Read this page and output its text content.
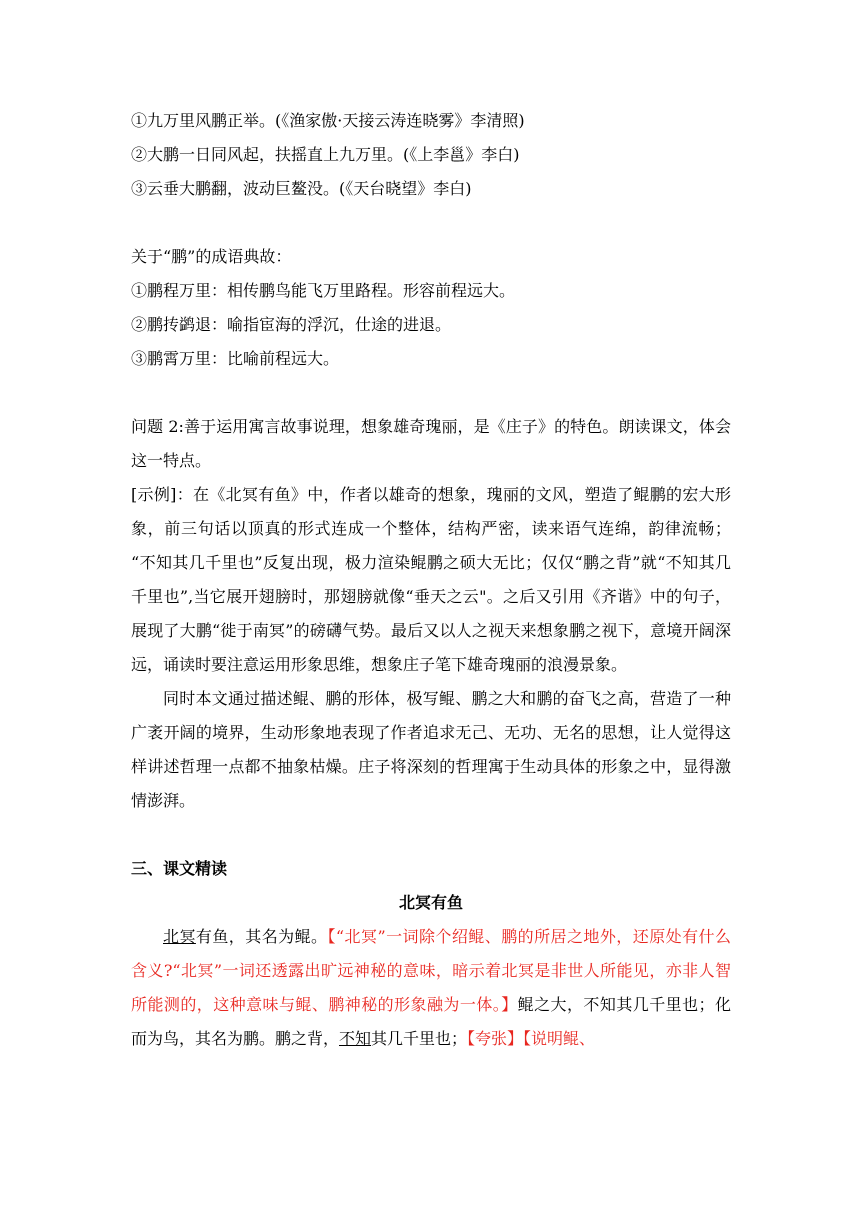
①九万里风鹏正举。(《渔家傲·天接云涛连晓雾》李清照)

②大鹏一日同风起，扶摇直上九万里。(《上李邕》李白)

③云垂大鹏翻，波动巨鳌没。(《天台晓望》李白)

关于“鹏”的成语典故：

①鹏程万里：相传鹏鸟能飞万里路程。形容前程远大。

②鹏抟鹢退：喻指宦海的浮沉，仕途的进退。

③鹏霄万里：比喻前程远大。

问题 2:善于运用寓言故事说理，想象雄奇瑰丽，是《庄子》的特色。朗读课文，体会这一特点。

[示例]：在《北冥有鱼》中，作者以雄奇的想象，瑰丽的文风，塑造了鲲鹏的宏大形象，前三句话以顶真的形式连成一个整体，结构严密，读来语气连绵，韵律流畅； “不知其几千里也”反复出现，极力渲染鲲鹏之硕大无比；仅仅“鹏之背”就“不知其几千里也”,当它展开翅膀时，那翅膀就像“垂天之云"。之后又引用《齐谐》中的句子，展现了大鹏“徙于南冥”的磅礴气势。最后又以人之视天来想象鹏之视下，意境开阔深远，诵读时要注意运用形象思维，想象庄子笔下雄奇瑰丽的浪漫景象。

同时本文通过描述鲲、鹏的形体，极写鲲、鹏之大和鹏的奋飞之高，营造了一种广袤开阔的境界，生动形象地表现了作者追求无己、无功、无名的思想，让人觉得这样讲述哲理一点都不抽象枯燥。庄子将深刻的哲理寓于生动具体的形象之中，显得激情澎湃。

三、课文精读

北冥有鱼

北冥有鱼，其名为鲲。【“北冥”一词除个绍鲲、鹏的所居之地外，还原处有什么含义?“北冥”一词还透露出旷远神秘的意味，暗示着北冥是非世人所能见，亦非人智所能测的，这种意味与鲲、鹏神秘的形象融为一体。】鲲之大，不知其几千里也；化而为鸟，其名为鹏。鹏之背，不知其几千里也；【夸张】【说明鲲、
